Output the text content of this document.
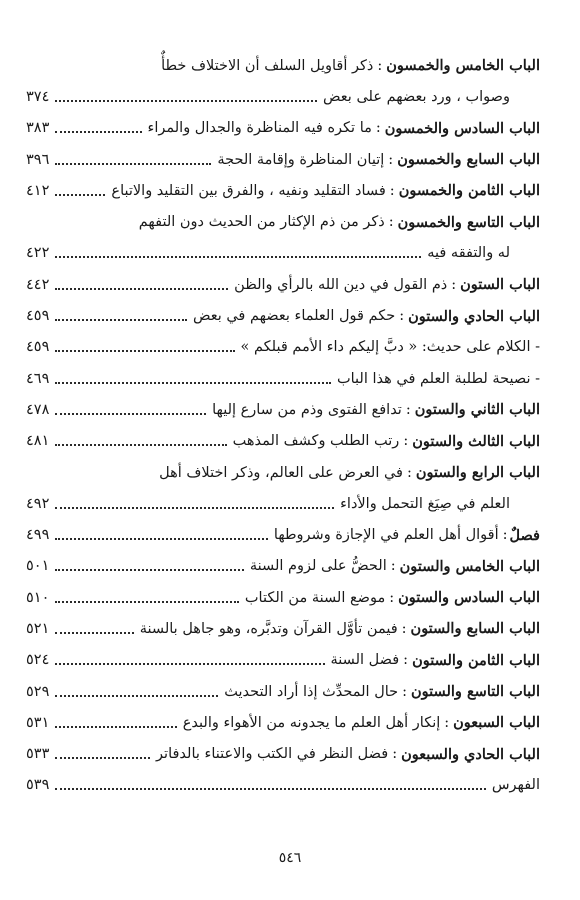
الباب الخامس والخمسون
:
ذكر أقاويل السلف أن الاختلاف خطأٌ
وصواب ، ورد بعضهم على بعض
٣٧٤
الباب السادس والخمسون
:
ما تكره فيه المناظرة والجدال والمراء
٣٨٣
الباب السابع والخمسون
:
إتيان المناظرة وإقامة الحجة
٣٩٦
الباب الثامن والخمسون
:
فساد التقليد ونفيه ، والفرق بين التقليد والاتباع
٤١٢
الباب التاسع والخمسون
:
ذكر من ذم الإكثار من الحديث دون التفهم
له والتفقه فيه
٤٢٢
الباب الستون
:
ذم القول في دين الله بالرأي والظن
٤٤٢
الباب الحادي والستون
:
حكم قول العلماء بعضهم في بعض
٤٥٩
- الكلام على حديث: « دبَّ إليكم داء الأمم قبلكم »
٤٥٩
- نصيحة لطلبة العلم في هذا الباب
٤٦٩
الباب الثاني والستون
:
تدافع الفتوى وذم من سارع إليها
٤٧٨
الباب الثالث والستون
:
رتب الطلب وكشف المذهب
٤٨١
الباب الرابع والستون
:
في العرض على العالم، وذكر اختلاف أهل
العلم في صِيَغ التحمل والأداء
٤٩٢
فصلٌ
:
أقوال أهل العلم في الإجازة وشروطها
٤٩٩
الباب الخامس والستون
:
الحضُّ على لزوم السنة
٥٠١
الباب السادس والستون
:
موضع السنة من الكتاب
٥١٠
الباب السابع والستون
:
فيمن تأوَّل القرآن وتدبَّره، وهو جاهل بالسنة
٥٢١
الباب الثامن والستون
:
فضل السنة
٥٢٤
الباب التاسع والستون
:
حال المحدِّث إذا أراد التحديث
٥٢٩
الباب السبعون
:
إنكار أهل العلم ما يجدونه من الأهواء والبدع
٥٣١
الباب الحادي والسبعون
:
فضل النظر في الكتب والاعتناء بالدفاتر
٥٣٣
الفهرس
٥٣٩
٥٤٦
